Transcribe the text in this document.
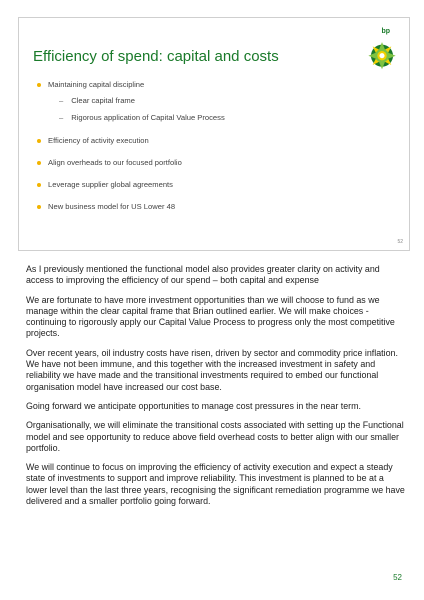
Efficiency of spend: capital and costs
bp
Maintaining capital discipline
– Clear capital frame
– Rigorous application of Capital Value Process
Efficiency of activity execution
Align overheads to our focused portfolio
Leverage supplier global agreements
New business model for US Lower 48
52

As I previously mentioned the functional model also provides greater clarity on activity and access to improving the efficiency of our spend – both capital and expense

We are fortunate to have more investment opportunities than we will choose to fund as we manage within the clear capital frame that Brian outlined earlier. We will make choices - continuing to rigorously apply our Capital Value Process to progress only the most competitive projects.

Over recent years, oil industry costs have risen, driven by sector and commodity price inflation. We have not been immune, and this together with the increased investment in safety and reliability we have made and the transitional investments required to embed our functional organisation model have increased our cost base.

Going forward we anticipate opportunities to manage cost pressures in the near term.

Organisationally, we will eliminate the transitional costs associated with setting up the Functional model and see opportunity to reduce above field overhead costs to better align with our smaller portfolio.

We will continue to focus on improving the efficiency of activity execution and expect a steady state of investments to support and improve reliability. This investment is planned to be at a lower level than the last three years, recognising the significant remediation programme we have delivered and a smaller portfolio going forward.

52
